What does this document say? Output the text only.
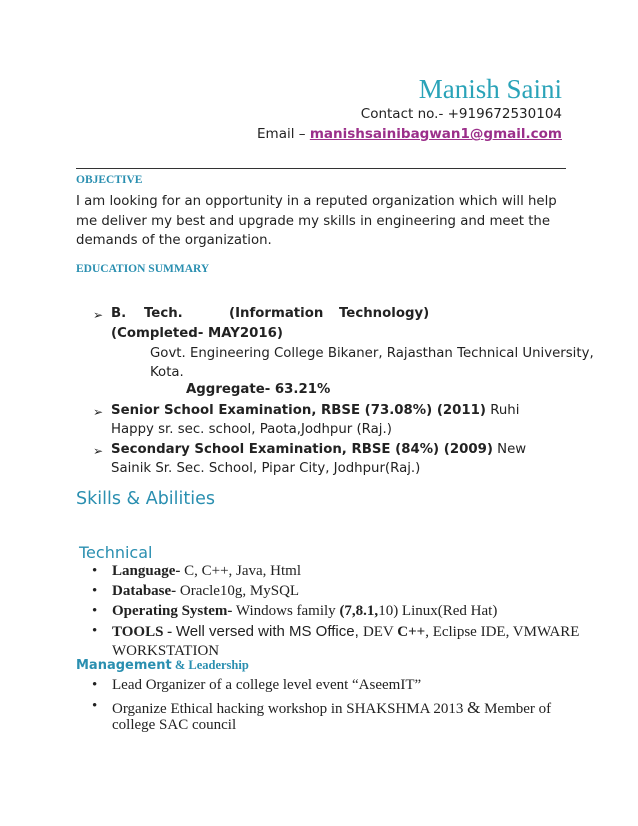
Manish Saini
Contact no.- +919672530104
Email – manishsainibagwan1@gmail.com
OBJECTIVE
I am looking for an opportunity in a reputed organization which will help me deliver my best and upgrade my skills in engineering and meet the demands of the organization.
EDUCATION SUMMARY
➢ B. Tech.	(Information Technology)
(Completed- MAY2016)
Govt. Engineering College Bikaner, Rajasthan Technical University,
Kota.
Aggregate- 63.21%
➢ Senior School Examination, RBSE (73.08%) (2011) Ruhi
Happy sr. sec. school, Paota,Jodhpur (Raj.)
➢ Secondary School Examination, RBSE (84%) (2009) New
Sainik Sr. Sec. School, Pipar City, Jodhpur(Raj.)
Skills & Abilities
Technical
• Language- C, C++, Java, Html
• Database- Oracle10g, MySQL
• Operating System- Windows family (7,8.1,10) Linux(Red Hat)
• TOOLS - Well versed with MS Office, DEV C++, Eclipse IDE, VMWARE
WORKSTATION
Management & Leadership
• Lead Organizer of a college level event “AseemIT”
• Organize Ethical hacking workshop in SHAKSHMA 2013 & Member of
college SAC council
